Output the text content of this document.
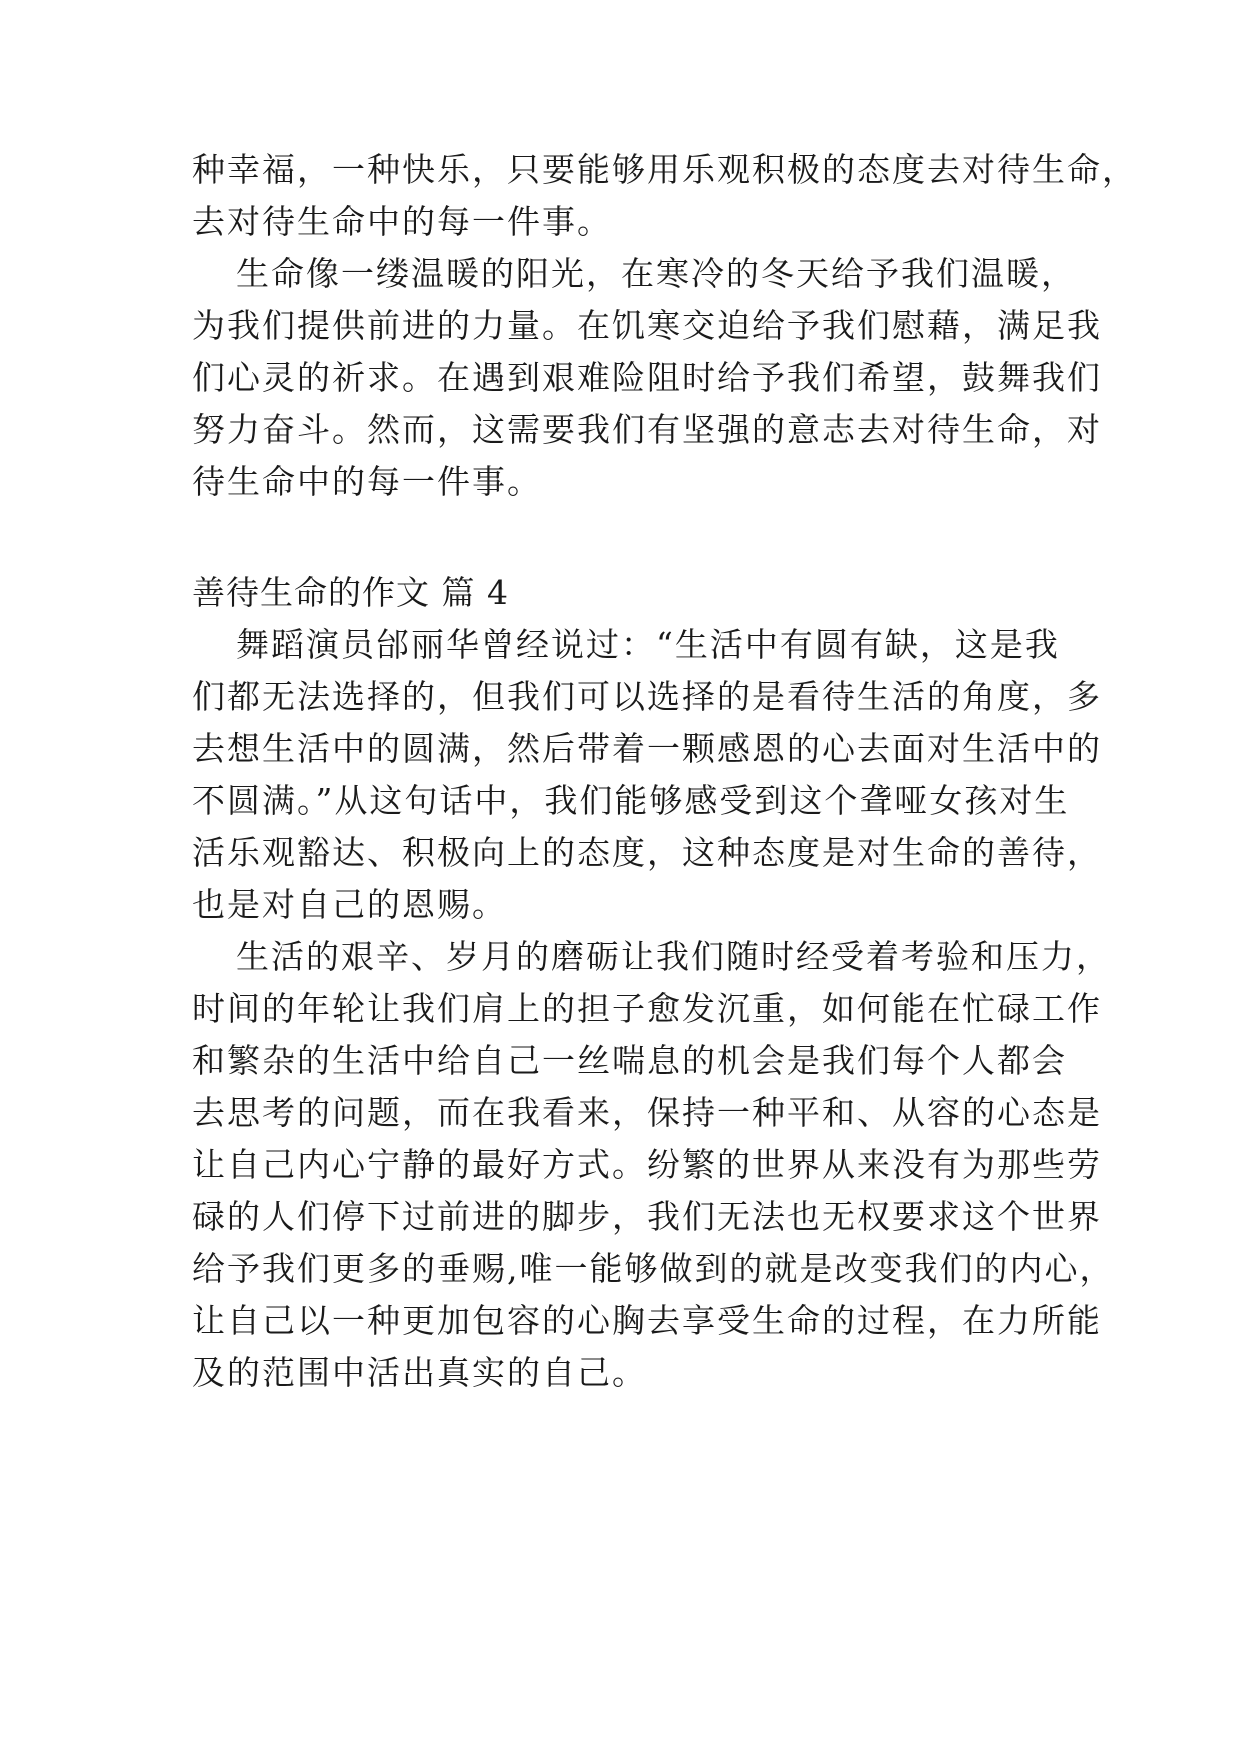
种幸福，一种快乐，只要能够用乐观积极的态度去对待生命，
去对待生命中的每一件事。
生命像一缕温暖的阳光，在寒冷的冬天给予我们温暖，
为我们提供前进的力量。在饥寒交迫给予我们慰藉，满足我
们心灵的祈求。在遇到艰难险阻时给予我们希望，鼓舞我们
努力奋斗。然而，这需要我们有坚强的意志去对待生命，对
待生命中的每一件事。
善待生命的作文 篇 4
舞蹈演员邰丽华曾经说过：“生活中有圆有缺，这是我
们都无法选择的，但我们可以选择的是看待生活的角度，多
去想生活中的圆满，然后带着一颗感恩的心去面对生活中的
不圆满。”从这句话中，我们能够感受到这个聋哑女孩对生
活乐观豁达、积极向上的态度，这种态度是对生命的善待，
也是对自己的恩赐。
生活的艰辛、岁月的磨砺让我们随时经受着考验和压力，
时间的年轮让我们肩上的担子愈发沉重，如何能在忙碌工作
和繁杂的生活中给自己一丝喘息的机会是我们每个人都会
去思考的问题，而在我看来，保持一种平和、从容的心态是
让自己内心宁静的最好方式。纷繁的世界从来没有为那些劳
碌的人们停下过前进的脚步，我们无法也无权要求这个世界
给予我们更多的垂赐,唯一能够做到的就是改变我们的内心，
让自己以一种更加包容的心胸去享受生命的过程，在力所能
及的范围中活出真实的自己。
